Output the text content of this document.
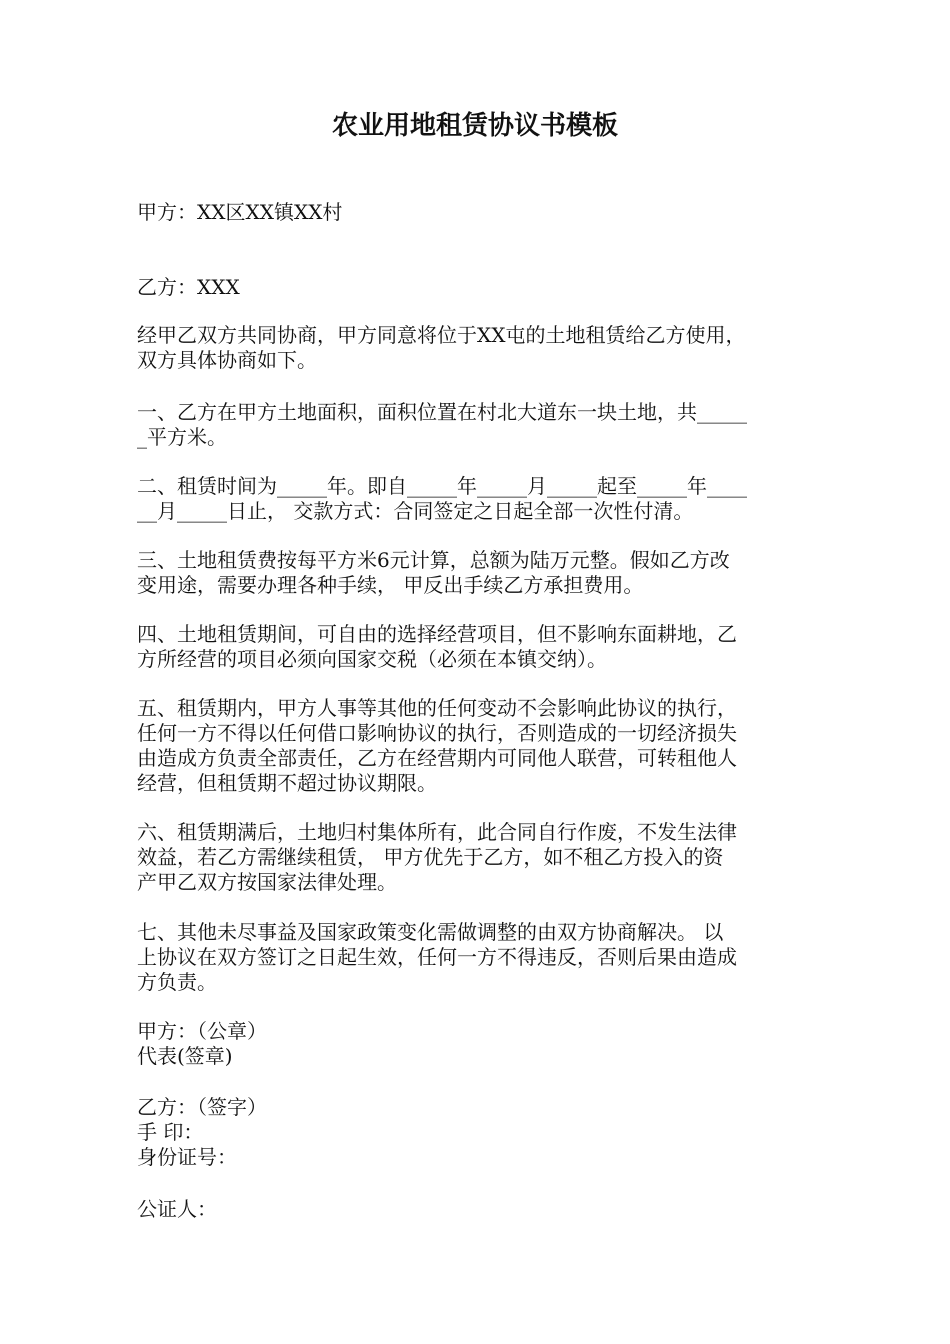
农业用地租赁协议书模板

甲方：XX区XX镇XX村

乙方：XXX

经甲乙双方共同协商，甲方同意将位于XX屯的土地租赁给乙方使用，
双方具体协商如下。

一、乙方在甲方土地面积，面积位置在村北大道东一块土地，共_____
_平方米。

二、租赁时间为_____年。即自_____年_____月_____起至_____年____
__月_____日止， 交款方式：合同签定之日起全部一次性付清。

三、土地租赁费按每平方米6元计算，总额为陆万元整。假如乙方改
变用途，需要办理各种手续， 甲反出手续乙方承担费用。

四、土地租赁期间，可自由的选择经营项目，但不影响东面耕地，乙
方所经营的项目必须向国家交税（必须在本镇交纳）。

五、租赁期内，甲方人事等其他的任何变动不会影响此协议的执行，
任何一方不得以任何借口影响协议的执行，否则造成的一切经济损失
由造成方负责全部责任，乙方在经营期内可同他人联营，可转租他人
经营，但租赁期不超过协议期限。

六、租赁期满后，土地归村集体所有，此合同自行作废，不发生法律
效益，若乙方需继续租赁， 甲方优先于乙方，如不租乙方投入的资
产甲乙双方按国家法律处理。

七、其他未尽事益及国家政策变化需做调整的由双方协商解决。 以
上协议在双方签订之日起生效，任何一方不得违反，否则后果由造成
方负责。

甲方：（公章）
代表(签章)

乙方：（签字）
手 印：
身份证号：

公证人：
